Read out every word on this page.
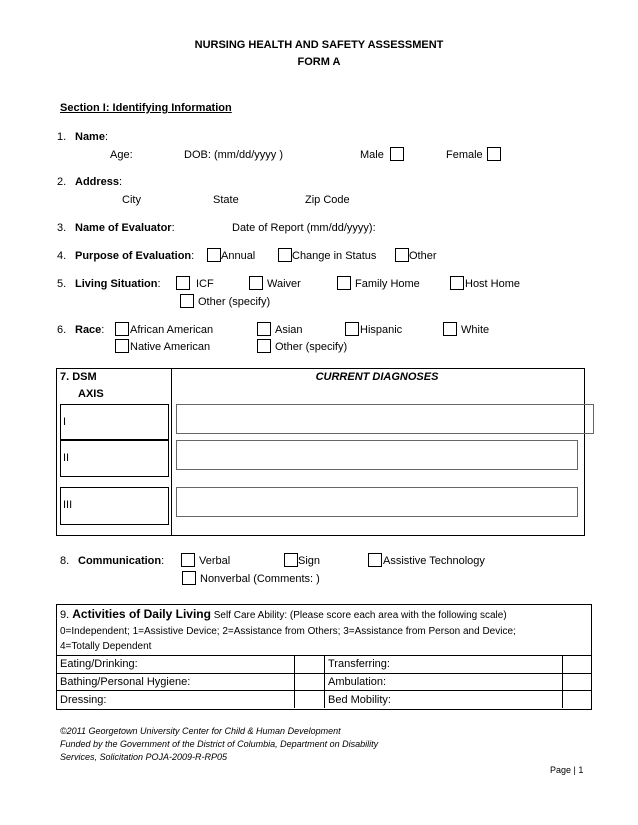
NURSING HEALTH AND SAFETY ASSESSMENT
FORM A
Section I: Identifying Information
1. Name:
Age:	DOB: (mm/dd/yyyy )	Male	Female
2. Address:
City	State	Zip Code
3. Name of Evaluator:	Date of Report (mm/dd/yyyy):
4. Purpose of Evaluation: Annual	Change in Status	Other
5. Living Situation:	ICF	Waiver	Family Home	Host Home
Other (specify)
6. Race: African American	Asian	Hispanic	White
Native American	Other (specify)
7. DSM
AXIS
CURRENT DIAGNOSES
I
II
III
8. Communication:	Verbal	Sign	Assistive Technology
Nonverbal (Comments: )
9. Activities of Daily Living Self Care Ability: (Please score each area with the following scale)
0=Independent; 1=Assistive Device; 2=Assistance from Others; 3=Assistance from Person and Device;
4=Totally Dependent
Eating/Drinking:	Transferring:
Bathing/Personal Hygiene:	Ambulation:
Dressing:	Bed Mobility:
©2011 Georgetown University Center for Child & Human Development
Funded by the Government of the District of Columbia, Department on Disability
Services, Solicitation POJA-2009-R-RP05
Page | 1
